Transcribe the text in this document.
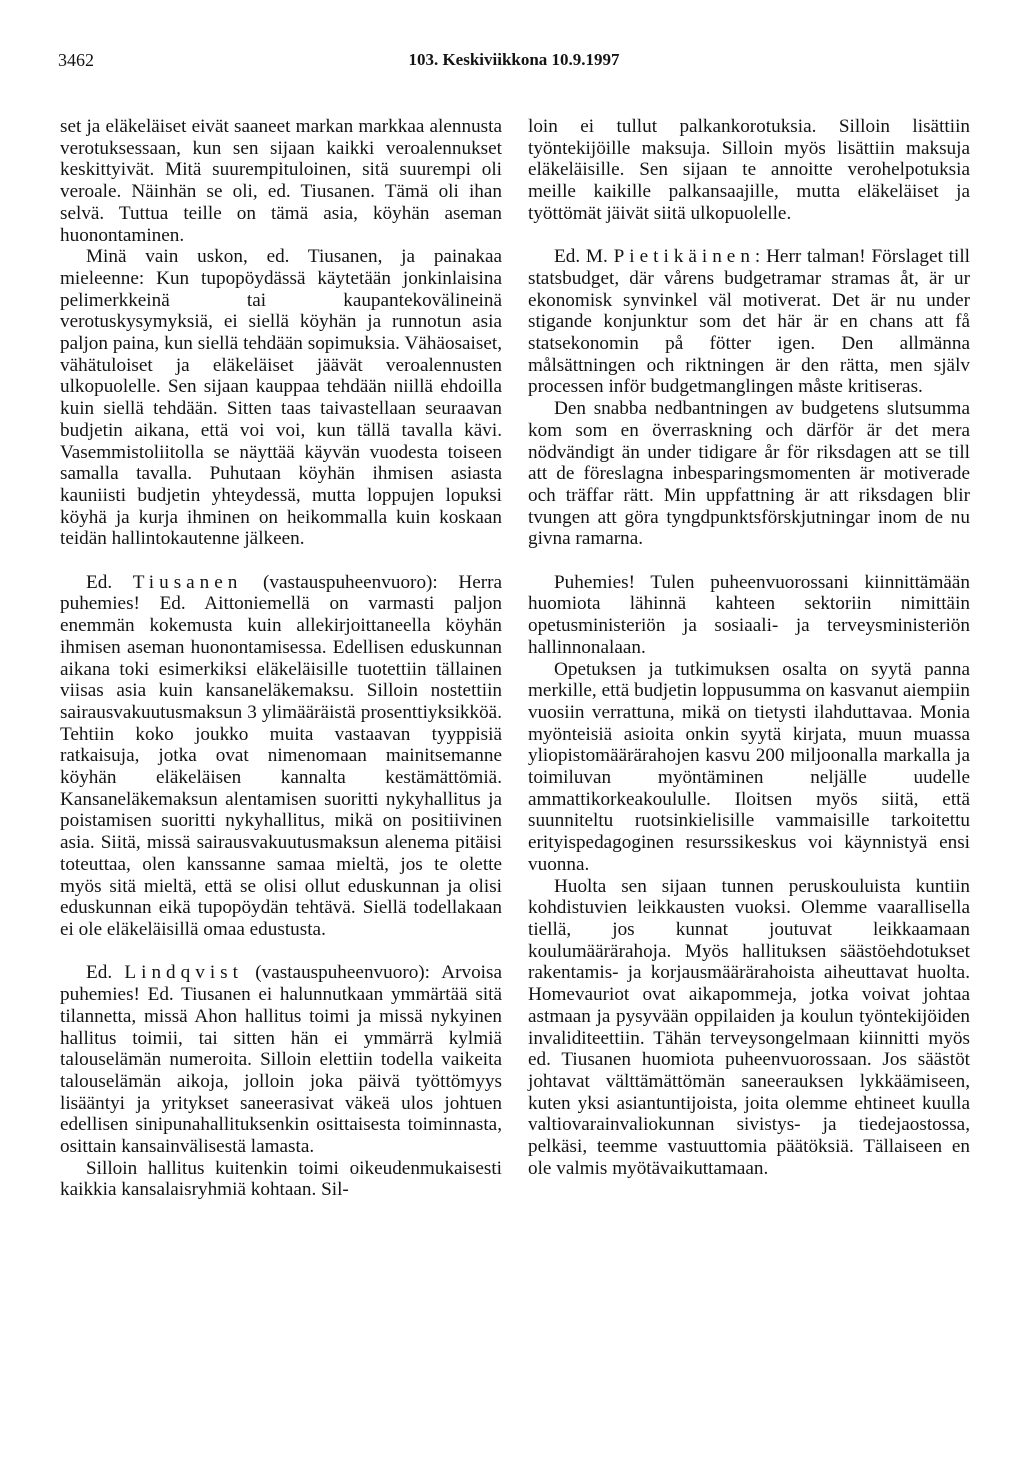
3462	103. Keskiviikkona 10.9.1997

set ja eläkeläiset eivät saaneet markan markkaa alennusta verotuksessaan, kun sen sijaan kaikki veroalennukset keskittyivät. Mitä suurempituloinen, sitä suurempi oli veroale. Näinhän se oli, ed. Tiusanen. Tämä oli ihan selvä. Tuttua teille on tämä asia, köyhän aseman huonontaminen.

Minä vain uskon, ed. Tiusanen, ja painakaa mieleenne: Kun tupopöydässä käytetään jonkinlaisina pelimerkkeinä tai kaupantekovälineinä verotuskysymyksiä, ei siellä köyhän ja runnotun asia paljon paina, kun siellä tehdään sopimuksia. Vähäosaiset, vähätuloiset ja eläkeläiset jäävät veroalennusten ulkopuolelle. Sen sijaan kauppaa tehdään niillä ehdoilla kuin siellä tehdään. Sitten taas taivastellaan seuraavan budjetin aikana, että voi voi, kun tällä tavalla kävi. Vasemmistoliitolla se näyttää käyvän vuodesta toiseen samalla tavalla. Puhutaan köyhän ihmisen asiasta kauniisti budjetin yhteydessä, mutta loppujen lopuksi köyhä ja kurja ihminen on heikommalla kuin koskaan teidän hallintokautenne jälkeen.

Ed. Tiusanen (vastauspuheenvuoro): Herra puhemies! Ed. Aittoniemellä on varmasti paljon enemmän kokemusta kuin allekirjoittaneella köyhän ihmisen aseman huonontamisessa. Edellisen eduskunnan aikana toki esimerkiksi eläkeläisille tuotettiin tällainen viisas asia kuin kansaneläkemaksu. Silloin nostettiin sairausvakuutusmaksun 3 ylimääräistä prosenttiyksikköä. Tehtiin koko joukko muita vastaavan tyyppisiä ratkaisuja, jotka ovat nimenomaan mainitsemanne köyhän eläkeläisen kannalta kestämättömiä. Kansaneläkemaksun alentamisen suoritti nykyhallitus ja poistamisen suoritti nykyhallitus, mikä on positiivinen asia. Siitä, missä sairausvakuutusmaksun alenema pitäisi toteuttaa, olen kanssanne samaa mieltä, jos te olette myös sitä mieltä, että se olisi ollut eduskunnan ja olisi eduskunnan eikä tupopöydän tehtävä. Siellä todellakaan ei ole eläkeläisillä omaa edustusta.

Ed. Lindqvist (vastauspuheenvuoro): Arvoisa puhemies! Ed. Tiusanen ei halunnutkaan ymmärtää sitä tilannetta, missä Ahon hallitus toimi ja missä nykyinen hallitus toimii, tai sitten hän ei ymmärrä kylmiä talouselämän numeroita. Silloin elettiin todella vaikeita talouselämän aikoja, jolloin joka päivä työttömyys lisääntyi ja yritykset saneerasivat väkeä ulos johtuen edellisen sinipunahallituksenkin osittaisesta toiminnasta, osittain kansainvälisestä lamasta.

Silloin hallitus kuitenkin toimi oikeudenmukaisesti kaikkia kansalaisryhmiä kohtaan. Sil-

loin ei tullut palkankorotuksia. Silloin lisättiin työntekijöille maksuja. Silloin myös lisättiin maksuja eläkeläisille. Sen sijaan te annoitte verohelpotuksia meille kaikille palkansaajille, mutta eläkeläiset ja työttömät jäivät siitä ulkopuolelle.

Ed. M. Pietikäinen: Herr talman! Förslaget till statsbudget, där vårens budgetramar stramas åt, är ur ekonomisk synvinkel väl motiverat. Det är nu under stigande konjunktur som det här är en chans att få statsekonomin på fötter igen. Den allmänna målsättningen och riktningen är den rätta, men själv processen inför budgetmanglingen måste kritiseras.

Den snabba nedbantningen av budgetens slutsumma kom som en överraskning och därför är det mera nödvändigt än under tidigare år för riksdagen att se till att de föreslagna inbesparingsmomenten är motiverade och träffar rätt. Min uppfattning är att riksdagen blir tvungen att göra tyngdpunktsförskjutningar inom de nu givna ramarna.

Puhemies! Tulen puheenvuorossani kiinnittämään huomiota lähinnä kahteen sektoriin nimittäin opetusministeriön ja sosiaali- ja terveysministeriön hallinnonalaan.

Opetuksen ja tutkimuksen osalta on syytä panna merkille, että budjetin loppusumma on kasvanut aiempiin vuosiin verrattuna, mikä on tietysti ilahduttavaa. Monia myönteisiä asioita onkin syytä kirjata, muun muassa yliopistomäärärahojen kasvu 200 miljoonalla markalla ja toimiluvan myöntäminen neljälle uudelle ammattikorkeakoululle. Iloitsen myös siitä, että suunniteltu ruotsinkielisille vammaisille tarkoitettu erityispedagoginen resurssikeskus voi käynnistyä ensi vuonna.

Huolta sen sijaan tunnen peruskouluista kuntiin kohdistuvien leikkausten vuoksi. Olemme vaarallisella tiellä, jos kunnat joutuvat leikkaamaan koulumäärärahoja. Myös hallituksen säästöehdotukset rakentamis- ja korjausmäärärahoista aiheuttavat huolta. Homevauriot ovat aikapommeja, jotka voivat johtaa astmaan ja pysyvään oppilaiden ja koulun työntekijöiden invaliditeettiin. Tähän terveysongelmaan kiinnitti myös ed. Tiusanen huomiota puheenvuorossaan. Jos säästöt johtavat välttämättömän saneerauksen lykkäämiseen, kuten yksi asiantuntijoista, joita olemme ehtineet kuulla valtiovarainvaliokunnan sivistys- ja tiedejaostossa, pelkäsi, teemme vastuuttomia päätöksiä. Tällaiseen en ole valmis myötävaikuttamaan.
